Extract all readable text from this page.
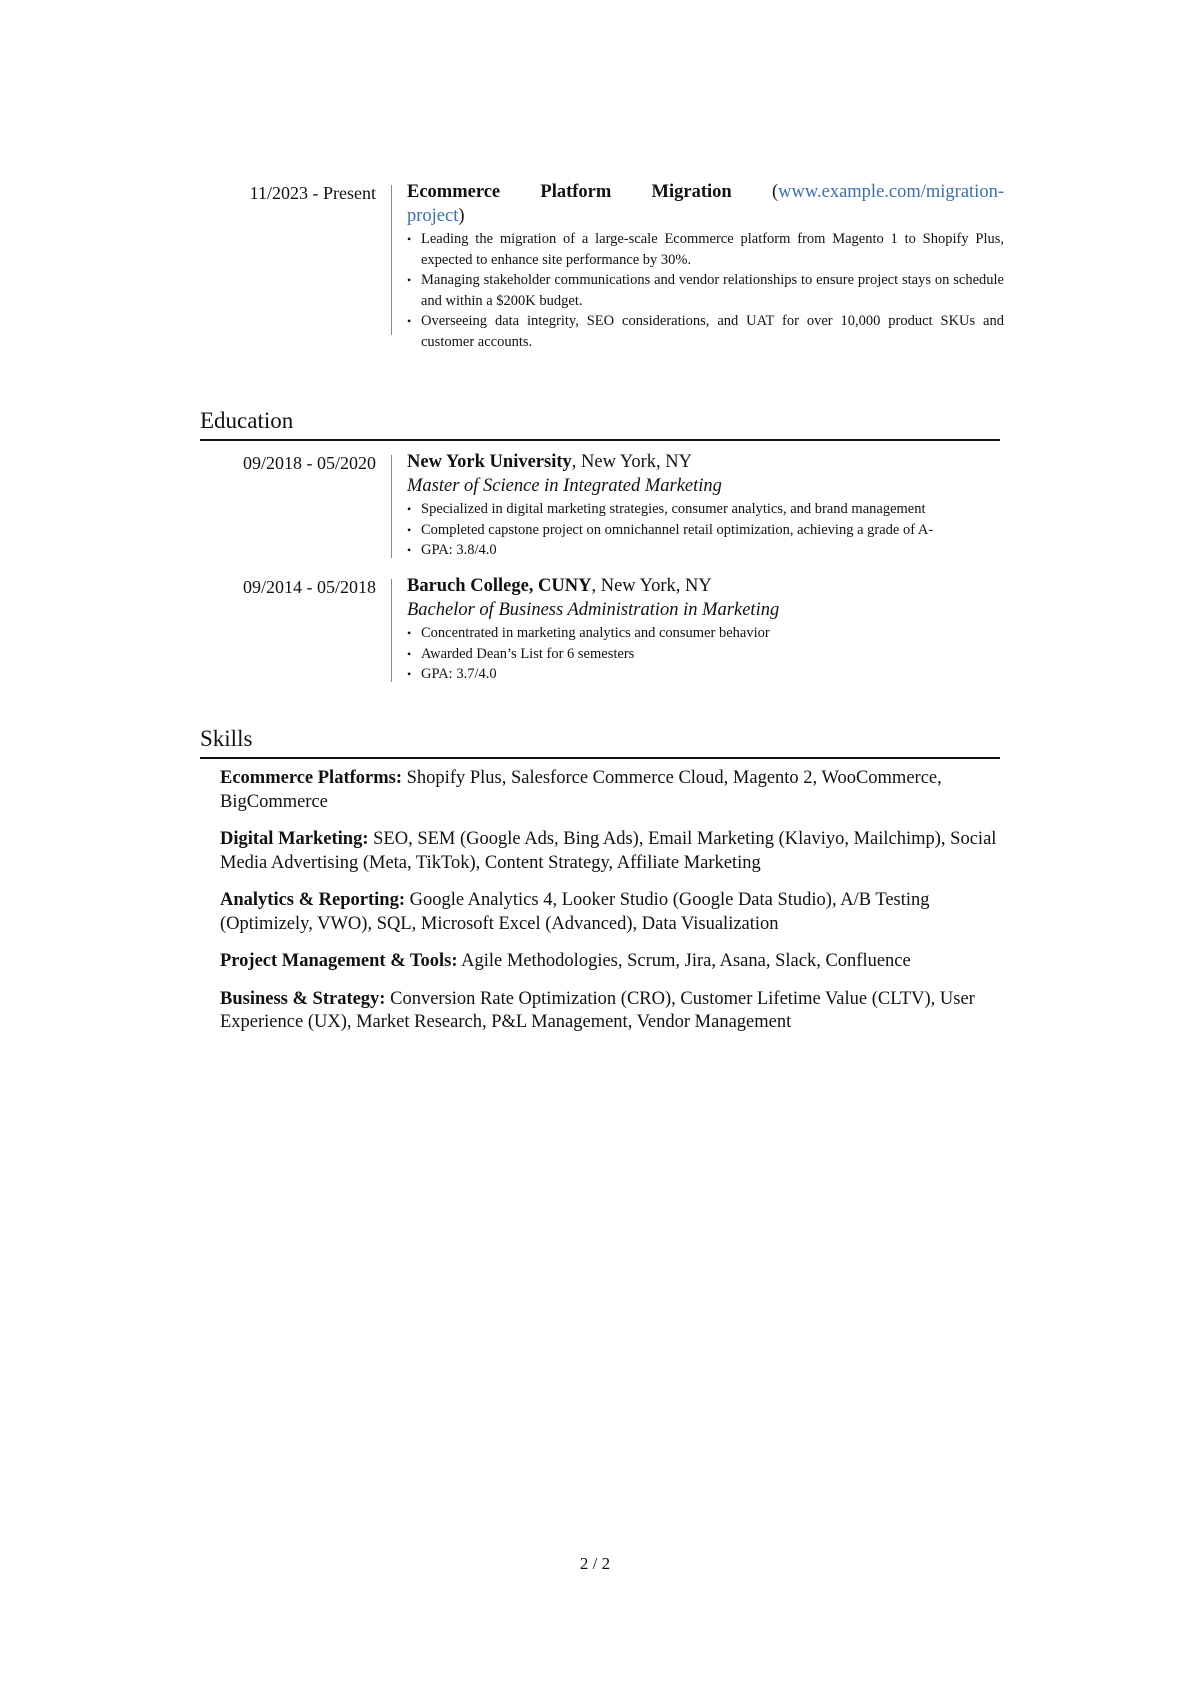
11/2023 - Present Ecommerce Platform Migration (www.example.com/migration-
project)
• Leading the migration of a large-scale Ecommerce platform from Magento 1 to Shopify Plus, expected to enhance site performance by 30%.
• Managing stakeholder communications and vendor relationships to ensure project stays on schedule and within a $200K budget.
• Overseeing data integrity, SEO considerations, and UAT for over 10,000 product SKUs and customer accounts.
Education
09/2018 - 05/2020 New York University, New York, NY

Master of Science in Integrated Marketing

• Specialized in digital marketing strategies, consumer analytics, and brand management
• Completed capstone project on omnichannel retail optimization, achieving a grade of A-
• GPA: 3.8/4.0
09/2014 - 05/2018 Baruch College, CUNY, New York, NY

Bachelor of Business Administration in Marketing

• Concentrated in marketing analytics and consumer behavior
• Awarded Dean’s List for 6 semesters
• GPA: 3.7/4.0
Skills

Ecommerce Platforms: Shopify Plus, Salesforce Commerce Cloud, Magento 2, WooCommerce, BigCommerce

Digital Marketing: SEO, SEM (Google Ads, Bing Ads), Email Marketing (Klaviyo, Mailchimp), Social Media Advertising (Meta, TikTok), Content Strategy, Affiliate Marketing

Analytics & Reporting: Google Analytics 4, Looker Studio (Google Data Studio), A/B Testing (Optimizely, VWO), SQL, Microsoft Excel (Advanced), Data Visualization

Project Management & Tools: Agile Methodologies, Scrum, Jira, Asana, Slack, Confluence

Business & Strategy: Conversion Rate Optimization (CRO), Customer Lifetime Value (CLTV), User Experience (UX), Market Research, P&L Management, Vendor Management

2 / 2
